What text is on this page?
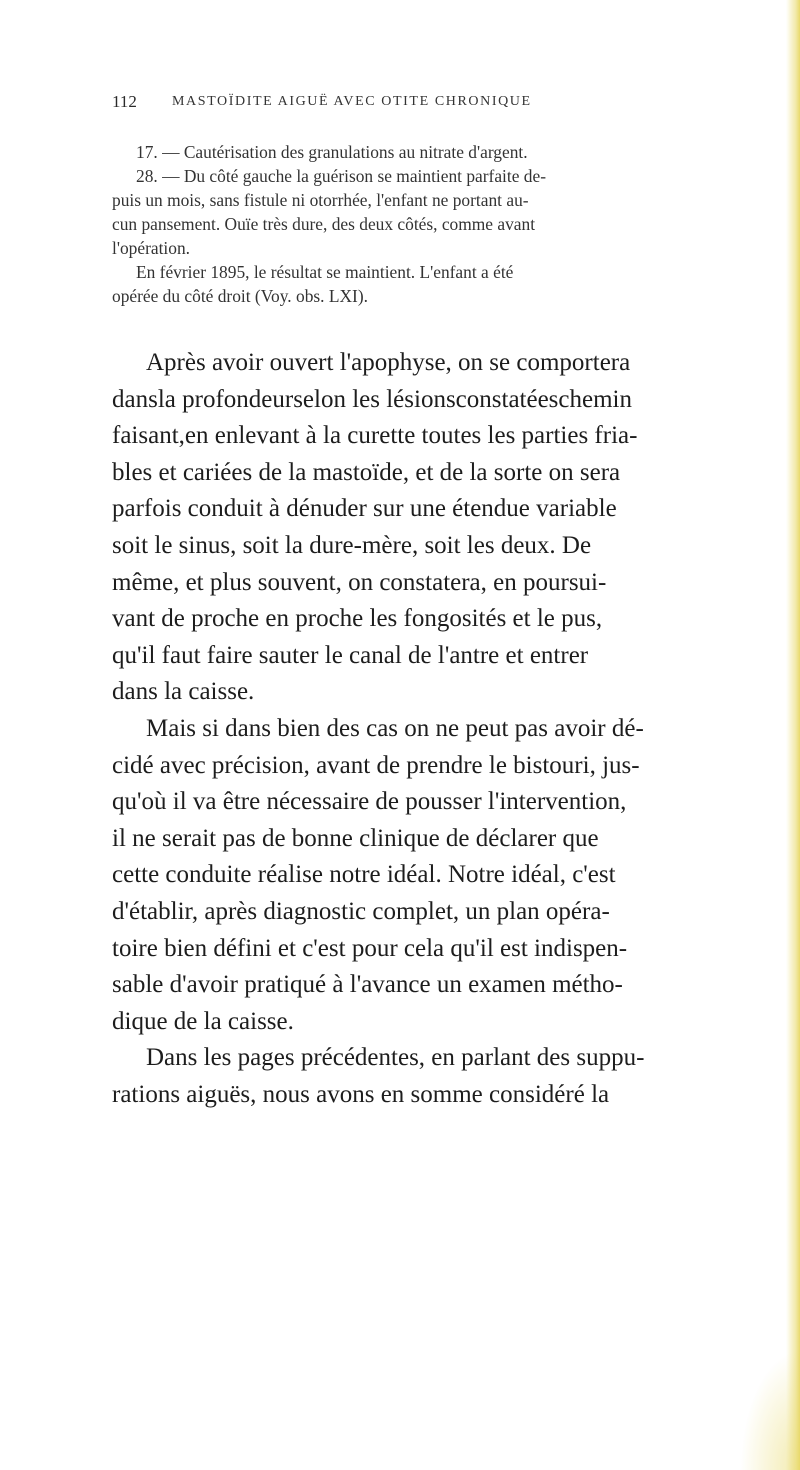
112	MASTOÏDITE AIGUË AVEC OTITE CHRONIQUE

17. — Cautérisation des granulations au nitrate d'argent.

28. — Du côté gauche la guérison se maintient parfaite de-

puis un mois, sans fistule ni otorrhée, l'enfant ne portant au-

cun pansement. Ouïe très dure, des deux côtés, comme avant

l'opération.

En février 1895, le résultat se maintient. L'enfant a été

opérée du côté droit (Voy. obs. LXI).

Après avoir ouvert l'apophyse, on se comportera

dansla profondeurselon les lésionsconstatéeschemin

faisant,en enlevant à la curette toutes les parties fria-

bles et cariées de la mastoïde, et de la sorte on sera

parfois conduit à dénuder sur une étendue variable

soit le sinus, soit la dure-mère, soit les deux. De

même, et plus souvent, on constatera, en poursui-

vant de proche en proche les fongosités et le pus,

qu'il faut faire sauter le canal de l'antre et entrer

dans la caisse.

Mais si dans bien des cas on ne peut pas avoir dé-

cidé avec précision, avant de prendre le bistouri, jus-

qu'où il va être nécessaire de pousser l'intervention,

il ne serait pas de bonne clinique de déclarer que

cette conduite réalise notre idéal. Notre idéal, c'est

d'établir, après diagnostic complet, un plan opéra-

toire bien défini et c'est pour cela qu'il est indispen-

sable d'avoir pratiqué à l'avance un examen métho-

dique de la caisse.

Dans les pages précédentes, en parlant des suppu-

rations aiguës, nous avons en somme considéré la
